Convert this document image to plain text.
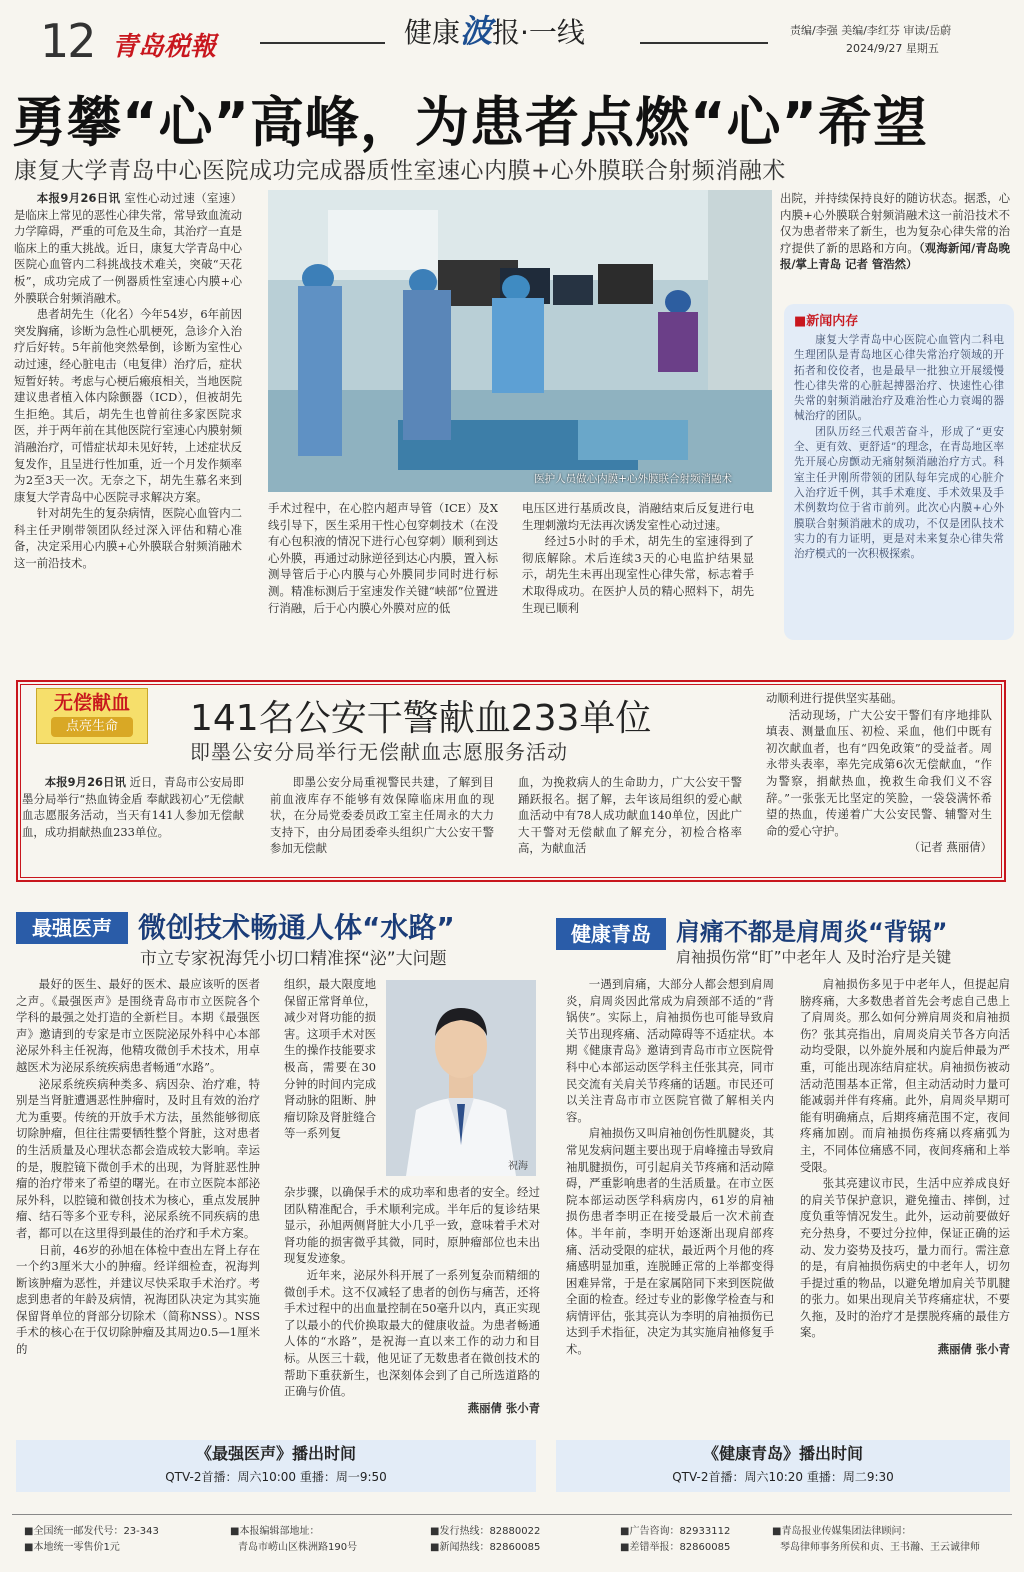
12 青岛税報	健康波报·一线	责编/李强 美编/李红芬 审读/岳蔚
2024/9/27 星期五
勇攀“心”高峰，为患者点燃“心”希望
康复大学青岛中心医院成功完成器质性室速心内膜+心外膜联合射频消融术

本报9月26日讯 室性心动过速（室速）是临床上常见的恶性心律失常，常导致血流动力学障碍，严重的可危及生命，其治疗一直是临床上的重大挑战。近日，康复大学青岛中心医院心血管内二科挑战技术难关，突破“天花板”，成功完成了一例器质性室速心内膜+心外膜联合射频消融术。

患者胡先生（化名）今年54岁，6年前因突发胸痛，诊断为急性心肌梗死，急诊介入治疗后好转。5年前他突然晕倒，诊断为室性心动过速，经心脏电击（电复律）治疗后，症状短暂好转。考虑与心梗后瘢痕相关，当地医院建议患者植入体内除颤器（ICD），但被胡先生拒绝。其后，胡先生也曾前往多家医院求医，并于两年前在其他医院行室速心内膜射频消融治疗，可惜症状却未见好转，上述症状反复发作，且呈进行性加重，近一个月发作频率为2至3天一次。无奈之下，胡先生慕名来到康复大学青岛中心医院寻求解决方案。

针对胡先生的复杂病情，医院心血管内二科主任尹刚带领团队经过深入评估和精心准备，决定采用心内膜+心外膜联合射频消融术这一前沿技术。

医护人员做心内膜+心外膜联合射频消融术

手术过程中，在心腔内超声导管（ICE）及X线引导下，医生采用干性心包穿刺技术（在没有心包积液的情况下进行心包穿刺）顺利到达心外膜，再通过动脉逆径到达心内膜，置入标测导管后于心内膜与心外膜同步同时进行标测。精准标测后于室速发作关键“峡部”位置进行消融，后于心内膜心外膜对应的低

电压区进行基质改良，消融结束后反复进行电生理刺激均无法再次诱发室性心动过速。

经过5小时的手术，胡先生的室速得到了彻底解除。术后连续3天的心电监护结果显示，胡先生未再出现室性心律失常，标志着手术取得成功。在医护人员的精心照料下，胡先生现已顺利

出院，并持续保持良好的随访状态。据悉，心内膜+心外膜联合射频消融术这一前沿技术不仅为患者带来了新生，也为复杂心律失常的治疗提供了新的思路和方向。（观海新闻/青岛晚报/掌上青岛 记者 管浩然）

■新闻内存

康复大学青岛中心医院心血管内二科电生理团队是青岛地区心律失常治疗领域的开拓者和佼佼者，也是最早一批独立开展缓慢性心律失常的心脏起搏器治疗、快速性心律失常的射频消融治疗及难治性心力衰竭的器械治疗的团队。

团队历经三代艰苦奋斗，形成了“更安全、更有效、更舒适”的理念，在青岛地区率先开展心房颤动无痛射频消融治疗方式。科室主任尹刚所带领的团队每年完成的心脏介入治疗近千例，其手术难度、手术效果及手术例数均位于省市前列。此次心内膜+心外膜联合射频消融术的成功，不仅是团队技术实力的有力证明，更是对未来复杂心律失常治疗模式的一次积极探索。

无偿献血
点亮生命	141名公安干警献血233单位
即墨公安分局举行无偿献血志愿服务活动

本报9月26日讯 近日，青岛市公安局即墨分局举行“热血铸金盾 奉献践初心”无偿献血志愿服务活动，当天有141人参加无偿献血，成功捐献热血233单位。

即墨公安分局重视警民共建，了解到目前血液库存不能够有效保障临床用血的现状，在分局党委委员政工室主任周永的大力支持下，由分局团委牵头组织广大公安干警参加无偿献

血，为挽救病人的生命助力，广大公安干警踊跃报名。据了解，去年该局组织的爱心献血活动中有78人成功献血140单位，因此广大干警对无偿献血了解充分，初检合格率高，为献血活

动顺利进行提供坚实基础。

活动现场，广大公安干警们有序地排队填表、测量血压、初检、采血，他们中既有初次献血者，也有“四免政策”的受益者。周永带头表率，率先完成第6次无偿献血，“作为警察，捐献热血，挽救生命我们义不容辞。”一张张无比坚定的笑脸，一袋袋满怀希望的热血，传递着广大公安民警、辅警对生命的爱心守护。

（记者 燕丽倩）

最强医声 微创技术畅通人体“水路”
市立专家祝海凭小切口精准探“泌”大问题

最好的医生、最好的医术、最应该听的医者之声。《最强医声》是围绕青岛市市立医院各个学科的最强之处打造的全新栏目。本期《最强医声》邀请到的专家是市立医院泌尿外科中心本部泌尿外科主任祝海，他精攻微创手术技术，用卓越医术为泌尿系统疾病患者畅通“水路”。

泌尿系统疾病种类多、病因杂、治疗难，特别是当肾脏遭遇恶性肿瘤时，及时且有效的治疗尤为重要。传统的开放手术方法，虽然能够彻底切除肿瘤，但往往需要牺牲整个肾脏，这对患者的生活质量及心理状态都会造成较大影响。幸运的是，腹腔镜下微创手术的出现，为肾脏恶性肿瘤的治疗带来了希望的曙光。在市立医院本部泌尿外科，以腔镜和微创技术为核心，重点发展肿瘤、结石等多个亚专科，泌尿系统不同疾病的患者，都可以在这里得到最佳的治疗和手术方案。

日前，46岁的孙旭在体检中查出左肾上存在一个约3厘米大小的肿瘤。经详细检查，祝海判断该肿瘤为恶性，并建议尽快采取手术治疗。考虑到患者的年龄及病情，祝海团队决定为其实施保留肾单位的肾部分切除术（简称NSS）。NSS手术的核心在于仅切除肿瘤及其周边0.5—1厘米的

组织，最大限度地保留正常肾单位，减少对肾功能的损害。这项手术对医生的操作技能要求极高，需要在30分钟的时间内完成肾动脉的阻断、肿瘤切除及肾脏缝合等一系列复

祝海

杂步骤，以确保手术的成功率和患者的安全。经过团队精准配合，手术顺利完成。半年后的复诊结果显示，孙旭两侧肾脏大小几乎一致，意味着手术对肾功能的损害微乎其微，同时，原肿瘤部位也未出现复发迹象。

近年来，泌尿外科开展了一系列复杂而精细的微创手术。这不仅减轻了患者的创伤与痛苦，还将手术过程中的出血量控制在50毫升以内，真正实现了以最小的代价换取最大的健康收益。为患者畅通人体的“水路”，是祝海一直以来工作的动力和目标。从医三十载，他见证了无数患者在微创技术的帮助下重获新生，也深刻体会到了自己所选道路的正确与价值。

燕丽倩 张小青

《最强医声》播出时间
QTV-2首播：周六10:00 重播：周一9:50
健康青岛	肩痛不都是肩周炎“背锅”
肩袖损伤常“盯”中老年人 及时治疗是关键

一遇到肩痛，大部分人都会想到肩周炎，肩周炎因此常成为肩颈部不适的“背锅侠”。实际上，肩袖损伤也可能导致肩关节出现疼痛、活动障碍等不适症状。本期《健康青岛》邀请到青岛市市立医院骨科中心本部运动医学科主任张其亮，同市民交流有关肩关节疼痛的话题。市民还可以关注青岛市市立医院官微了解相关内容。

肩袖损伤又叫肩袖创伤性肌腱炎，其常见发病问题主要出现于肩峰撞击导致肩袖肌腱损伤，可引起肩关节疼痛和活动障碍，严重影响患者的生活质量。在市立医院本部运动医学科病房内，61岁的肩袖损伤患者李明正在接受最后一次术前查体。半年前，李明开始逐渐出现肩部疼痛、活动受限的症状，最近两个月他的疼痛感明显加重，连脱睡正常的上举都变得困难异常，于是在家属陪同下来到医院做全面的检查。经过专业的影像学检查与和病情评估，张其亮认为李明的肩袖损伤已达到手术指征，决定为其实施肩袖修复手术。

肩袖损伤多见于中老年人，但提起肩膀疼痛，大多数患者首先会考虑自己患上了肩周炎。那么如何分辨肩周炎和肩袖损伤？张其亮指出，肩周炎肩关节各方向活动均受限，以外旋外展和内旋后伸最为严重，可能出现冻结肩症状。肩袖损伤被动活动范围基本正常，但主动活动时力量可能减弱并伴有疼痛。此外，肩周炎早期可能有明确痛点，后期疼痛范围不定，夜间疼痛加剧。而肩袖损伤疼痛以疼痛弧为主，不同体位痛感不同，夜间疼痛和上举受限。

张其亮建议市民，生活中应养成良好的肩关节保护意识，避免撞击、摔倒，过度负重等情况发生。此外，运动前要做好充分热身，不要过分拉伸，保证正确的运动、发力姿势及技巧，量力而行。需注意的是，有肩袖损伤病史的中老年人，切勿手提过重的物品，以避免增加肩关节肌腱的张力。如果出现肩关节疼痛症状，不要久拖，及时的治疗才是摆脱疼痛的最佳方案。

燕丽倩 张小青

《健康青岛》播出时间
QTV-2首播：周六10:20 重播：周二9:30
■全国统一邮发代号：23-343
■本地统一零售价1元
■本报编辑部地址：
青岛市崂山区株洲路190号
■发行热线：82880022
■新闻热线：82860085
■广告咨询：82933112
■差错举报：82860085
■青岛报业传媒集团法律顾问：
琴岛律师事务所侯和贞、王书瀚、王云诚律师
